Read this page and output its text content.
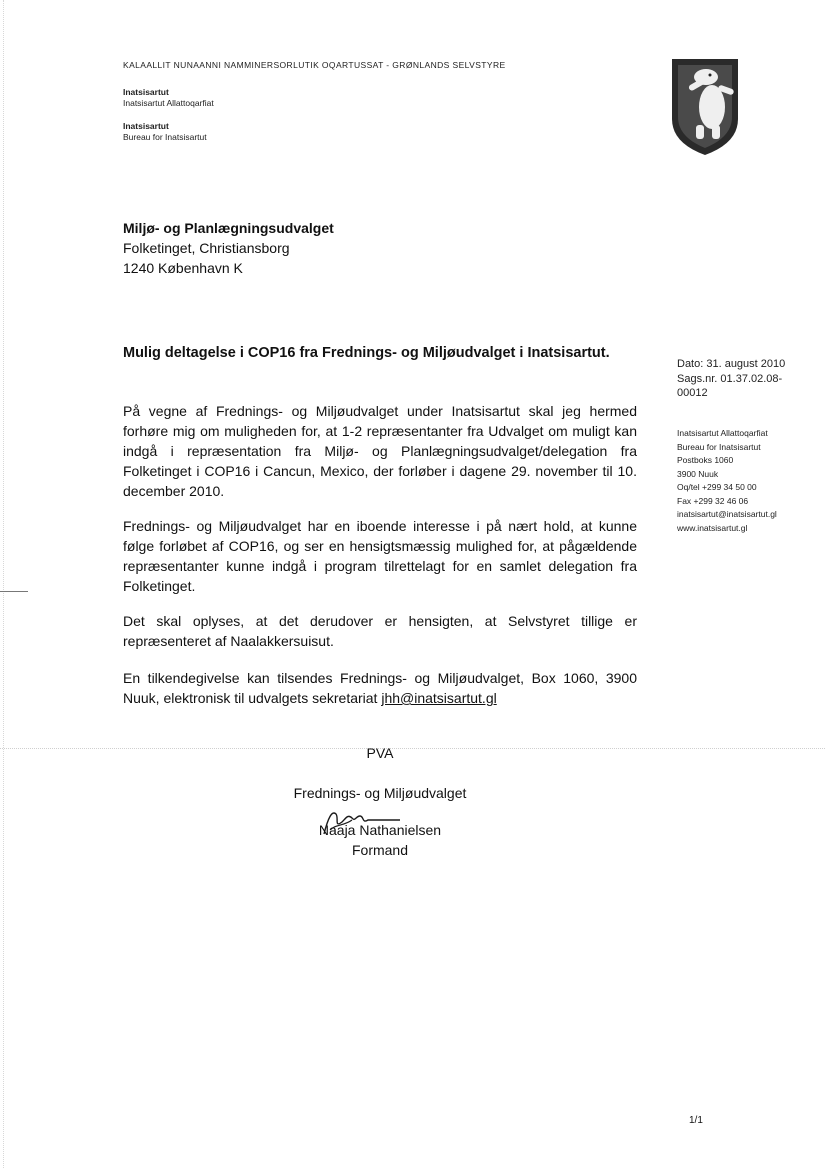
KALAALLIT NUNAANNI NAMMINERSORLUTIK OQARTUSSAT - GRØNLANDS SELVSTYRE
Inatsisartut
Inatsisartut Allattoqarfiat
Inatsisartut
Bureau for Inatsisartut
Miljø- og Planlægningsudvalget
Folketinget, Christiansborg
1240 København K
Mulig deltagelse i COP16 fra Frednings- og Miljøudvalget i Inatsisartut.
Dato: 31. august 2010
Sags.nr. 01.37.02.08-
00012
Inatsisartut Allattoqarfiat
Bureau for Inatsisartut
Postboks 1060
3900 Nuuk
Oq/tel +299 34 50 00
Fax +299 32 46 06
inatsisartut@inatsisartut.gl
www.inatsisartut.gl
På vegne af Frednings- og Miljøudvalget under Inatsisartut skal jeg hermed forhøre mig om muligheden for, at 1-2 repræsentanter fra Udvalget om muligt kan indgå i repræsentation fra Miljø- og Planlægningsudvalget/delegation fra Folketinget i COP16 i Cancun, Mexico, der forløber i dagene 29. november til 10. december 2010.
Frednings- og Miljøudvalget har en iboende interesse i på nært hold, at kunne følge forløbet af COP16, og ser en hensigtsmæssig mulighed for, at pågældende repræsentanter kunne indgå i program tilrettelagt for en samlet delegation fra Folketinget.
Det skal oplyses, at det derudover er hensigten, at Selvstyret tillige er repræsenteret af Naalakkersuisut.
En tilkendegivelse kan tilsendes Frednings- og Miljøudvalget, Box 1060, 3900 Nuuk, elektronisk til udvalgets sekretariat jhh@inatsisartut.gl
PVA
Frednings- og Miljøudvalget
Naaja Nathanielsen
Formand
1/1
